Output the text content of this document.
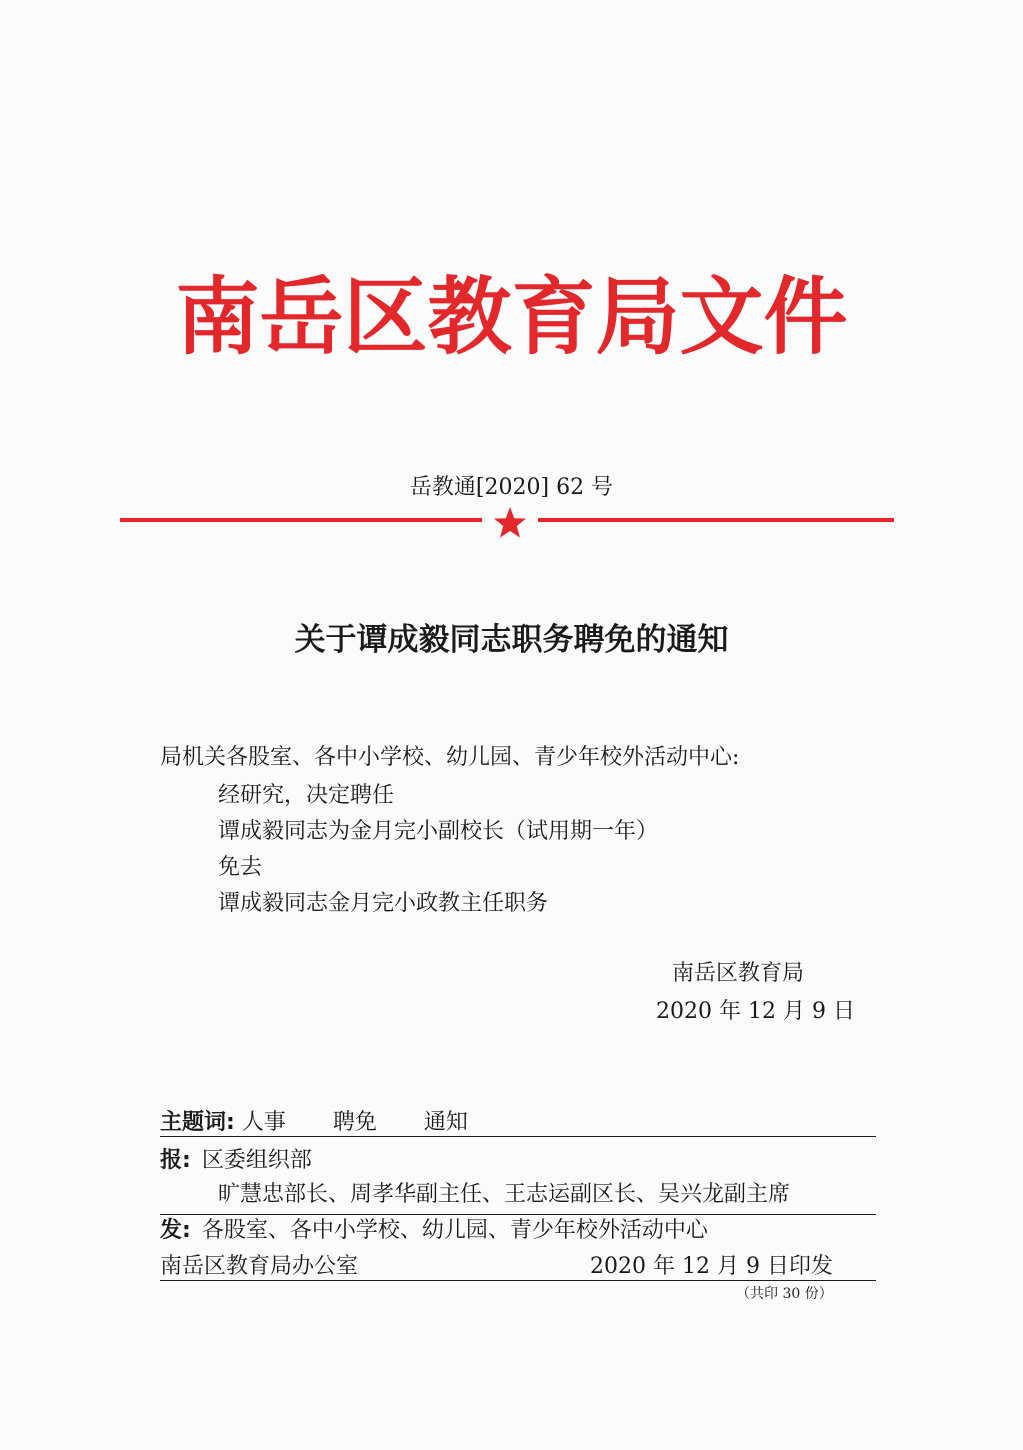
南岳区教育局文件
岳教通[2020] 62 号
关于谭成毅同志职务聘免的通知
局机关各股室、各中小学校、幼儿园、青少年校外活动中心:
经研究，决定聘任
谭成毅同志为金月完小副校长（试用期一年）
免去
谭成毅同志金月完小政教主任职务
南岳区教育局
2020 年 12 月 9 日
主题词: 人事 聘免 通知
报: 区委组织部
旷慧忠部长、周孝华副主任、王志运副区长、吴兴龙副主席
发: 各股室、各中小学校、幼儿园、青少年校外活动中心
南岳区教育局办公室	2020 年 12 月 9 日印发
（共印 30 份）
